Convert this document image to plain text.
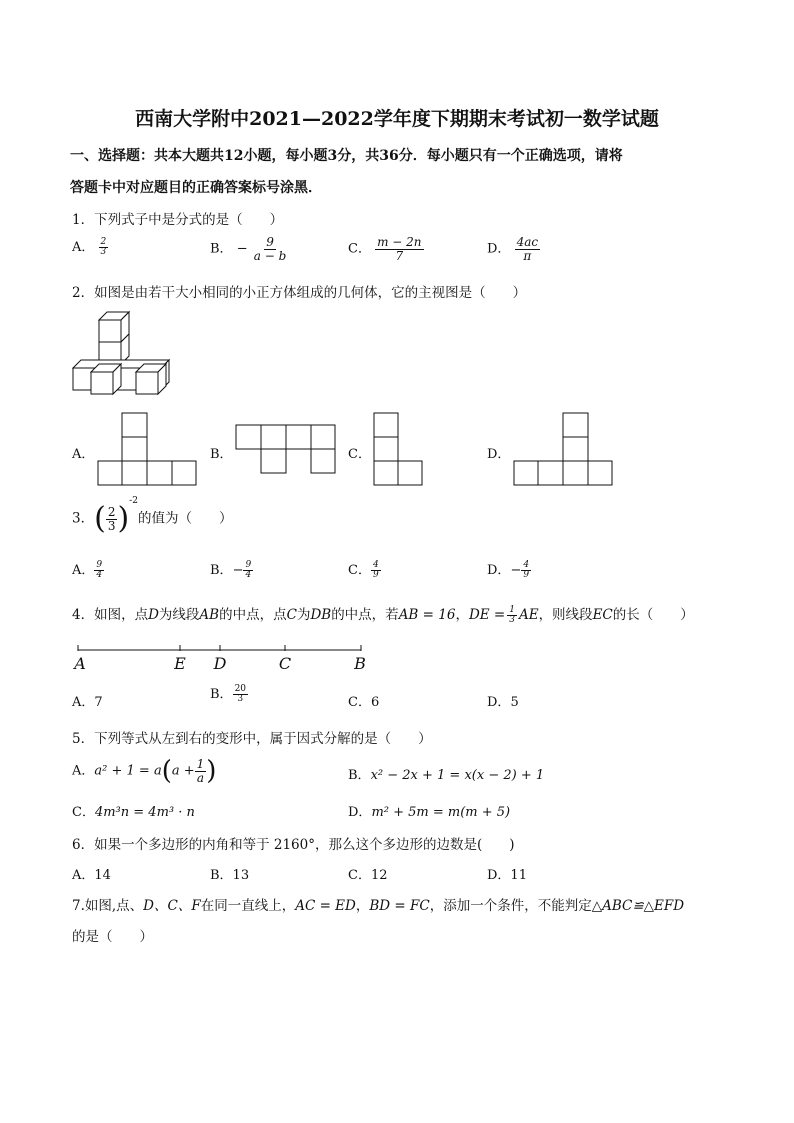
西南大学附中2021—2022学年度下期期末考试初一数学试题
一、选择题：共本大题共12小题，每小题3分，共36分．每小题只有一个正确选项，请将
答题卡中对应题目的正确答案标号涂黑．
1．下列式子中是分式的是（　　）
A． $\frac{2}{3}$	B． − $\frac{9}{a - b}$	C． $\frac{m - 2n}{7}$	D． $\frac{4ac}{\pi}$
2．如图是由若干大小相同的小正方体组成的几何体，它的主视图是（　　）
A．	B．	C．	D．
3．( $\frac{2}{3} )^{-2}$的值为（　　）
A． $\frac{9}{4}$	B．− $\frac{9}{4}$	C． $\frac{4}{9}$	D．− $\frac{4}{9}$
4．如图，点D为线段AB的中点，点C为DB的中点，若AB = 16，DE = $\frac{1}{3}$ AE，则线段EC的长（　　）
A	E D	C	B
A．7
B． $\frac{20}{3}$	C．6	D．5
5．下列等式从左到右的变形中，属于因式分解的是（　　）
A．$a^2 + 1 = a(a + \frac{1}{a}$ )	B．x² − 2x + 1 = x(x − 2) + 1
C．4m³n = 4m³ · n	D．m² + 5m = m(m + 5)
6．如果一个多边形的内角和等于 2160°，那么这个多边形的边数是(　　)
A．14	B．13	C．12	D．11
7.如图,点、D、C、F在同一直线上，AC = ED，BD = FC，添加一个条件，不能判定△ABC≌△EFD
的是（　　）
